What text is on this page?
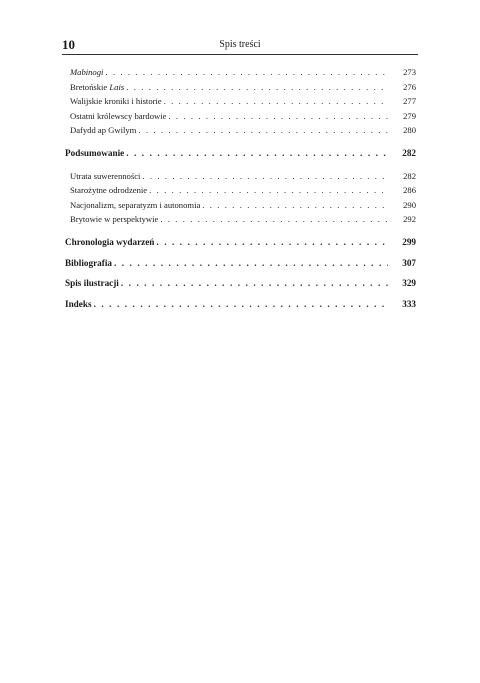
10	Spis treści
Mabinogi . . .	273
Bretońskie Lais . . .	276
Walijskie kroniki i historie . . .	277
Ostatni królewscy bardowie . . .	279
Dafydd ap Gwilym . . .	280
Podsumowanie . . .	282
Utrata suwerenności . . .	282
Starożytne odrodzenie . . .	286
Nacjonalizm, separatyzm i autonomia . . .	290
Brytowie w perspektywie . . .	292
Chronologia wydarzeń . . .	299
Bibliografia . . .	307
Spis ilustracji . . .	329
Indeks . . .	333
